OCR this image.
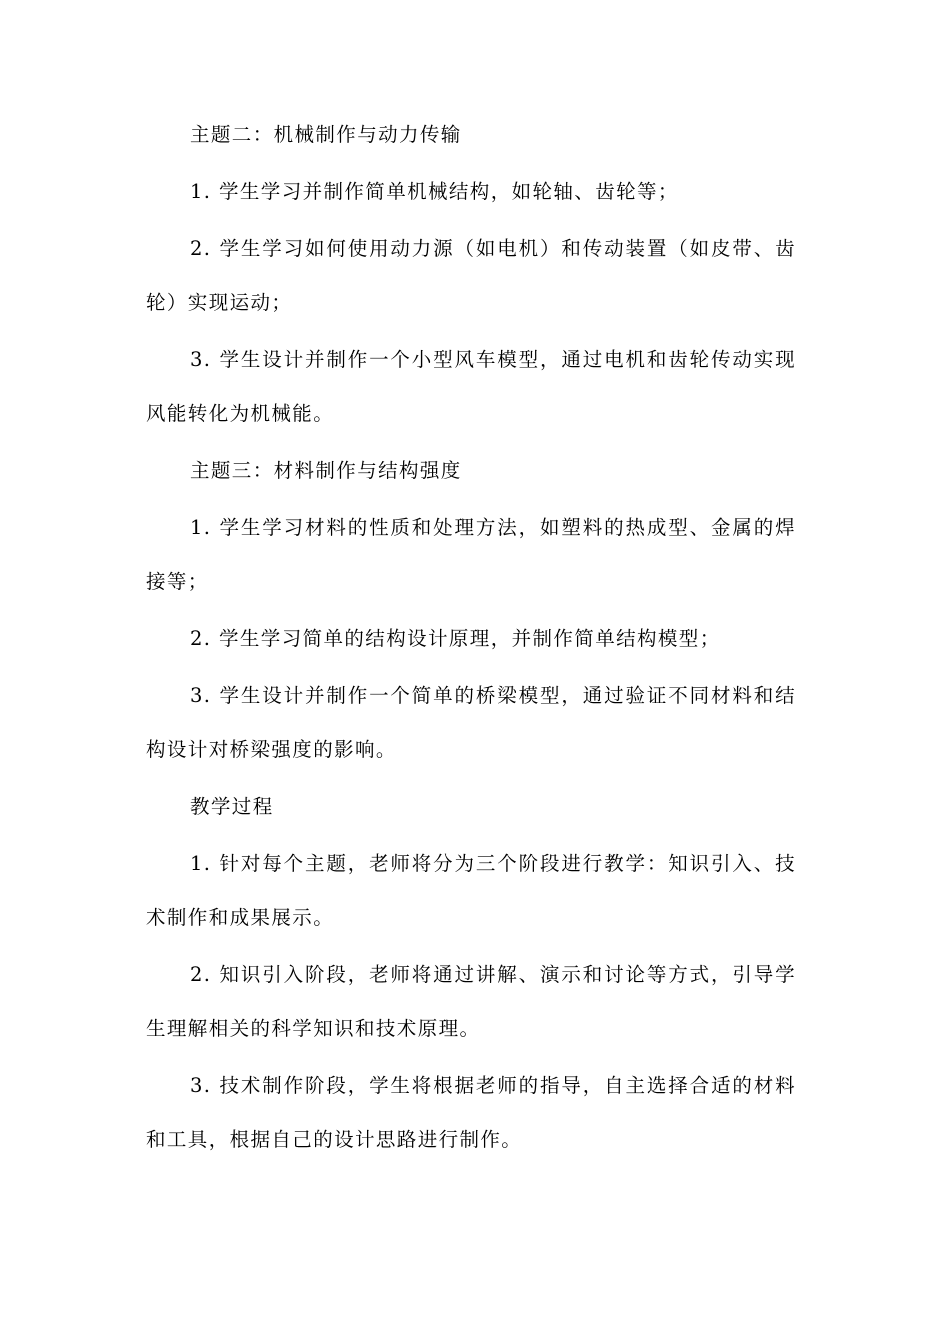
主题二：机械制作与动力传输

1. 学生学习并制作简单机械结构，如轮轴、齿轮等；

2. 学生学习如何使用动力源（如电机）和传动装置（如皮带、齿轮）实现运动；

3. 学生设计并制作一个小型风车模型，通过电机和齿轮传动实现风能转化为机械能。

主题三：材料制作与结构强度

1. 学生学习材料的性质和处理方法，如塑料的热成型、金属的焊接等；

2. 学生学习简单的结构设计原理，并制作简单结构模型；

3. 学生设计并制作一个简单的桥梁模型，通过验证不同材料和结构设计对桥梁强度的影响。

教学过程

1. 针对每个主题，老师将分为三个阶段进行教学：知识引入、技术制作和成果展示。

2. 知识引入阶段，老师将通过讲解、演示和讨论等方式，引导学生理解相关的科学知识和技术原理。

3. 技术制作阶段，学生将根据老师的指导，自主选择合适的材料和工具，根据自己的设计思路进行制作。
